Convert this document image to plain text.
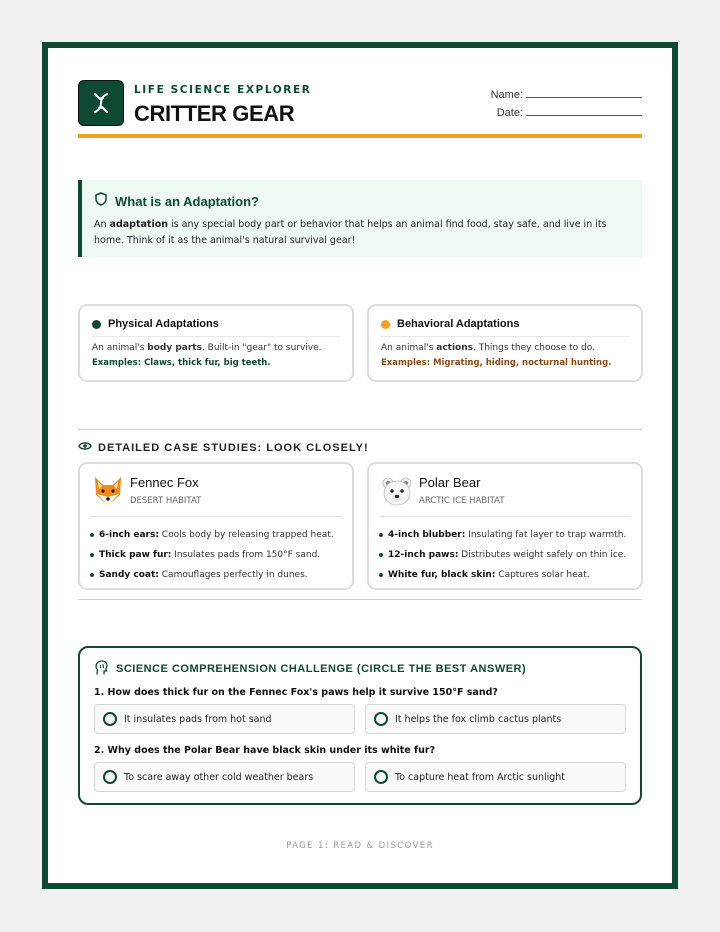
LIFE SCIENCE EXPLORER
CRITTER GEAR
Name:
Date:
What is an Adaptation?
An adaptation is any special body part or behavior that helps an animal find food, stay safe, and live in its home. Think of it as the animal's natural survival gear!
Physical Adaptations
An animal's body parts. Built-in "gear" to survive.
Examples: Claws, thick fur, big teeth.
Behavioral Adaptations
An animal's actions. Things they choose to do.
Examples: Migrating, hiding, nocturnal hunting.
DETAILED CASE STUDIES: LOOK CLOSELY!
Fennec Fox
DESERT HABITAT
6-inch ears: Cools body by releasing trapped heat.
Thick paw fur: Insulates pads from 150°F sand.
Sandy coat: Camouflages perfectly in dunes.
Polar Bear
ARCTIC ICE HABITAT
4-inch blubber: Insulating fat layer to trap warmth.
12-inch paws: Distributes weight safely on thin ice.
White fur, black skin: Captures solar heat.
SCIENCE COMPREHENSION CHALLENGE (CIRCLE THE BEST ANSWER)
1. How does thick fur on the Fennec Fox's paws help it survive 150°F sand?
It insulates pads from hot sand	It helps the fox climb cactus plants
2. Why does the Polar Bear have black skin under its white fur?
To scare away other cold weather bears	To capture heat from Arctic sunlight
PAGE 1: READ & DISCOVER
